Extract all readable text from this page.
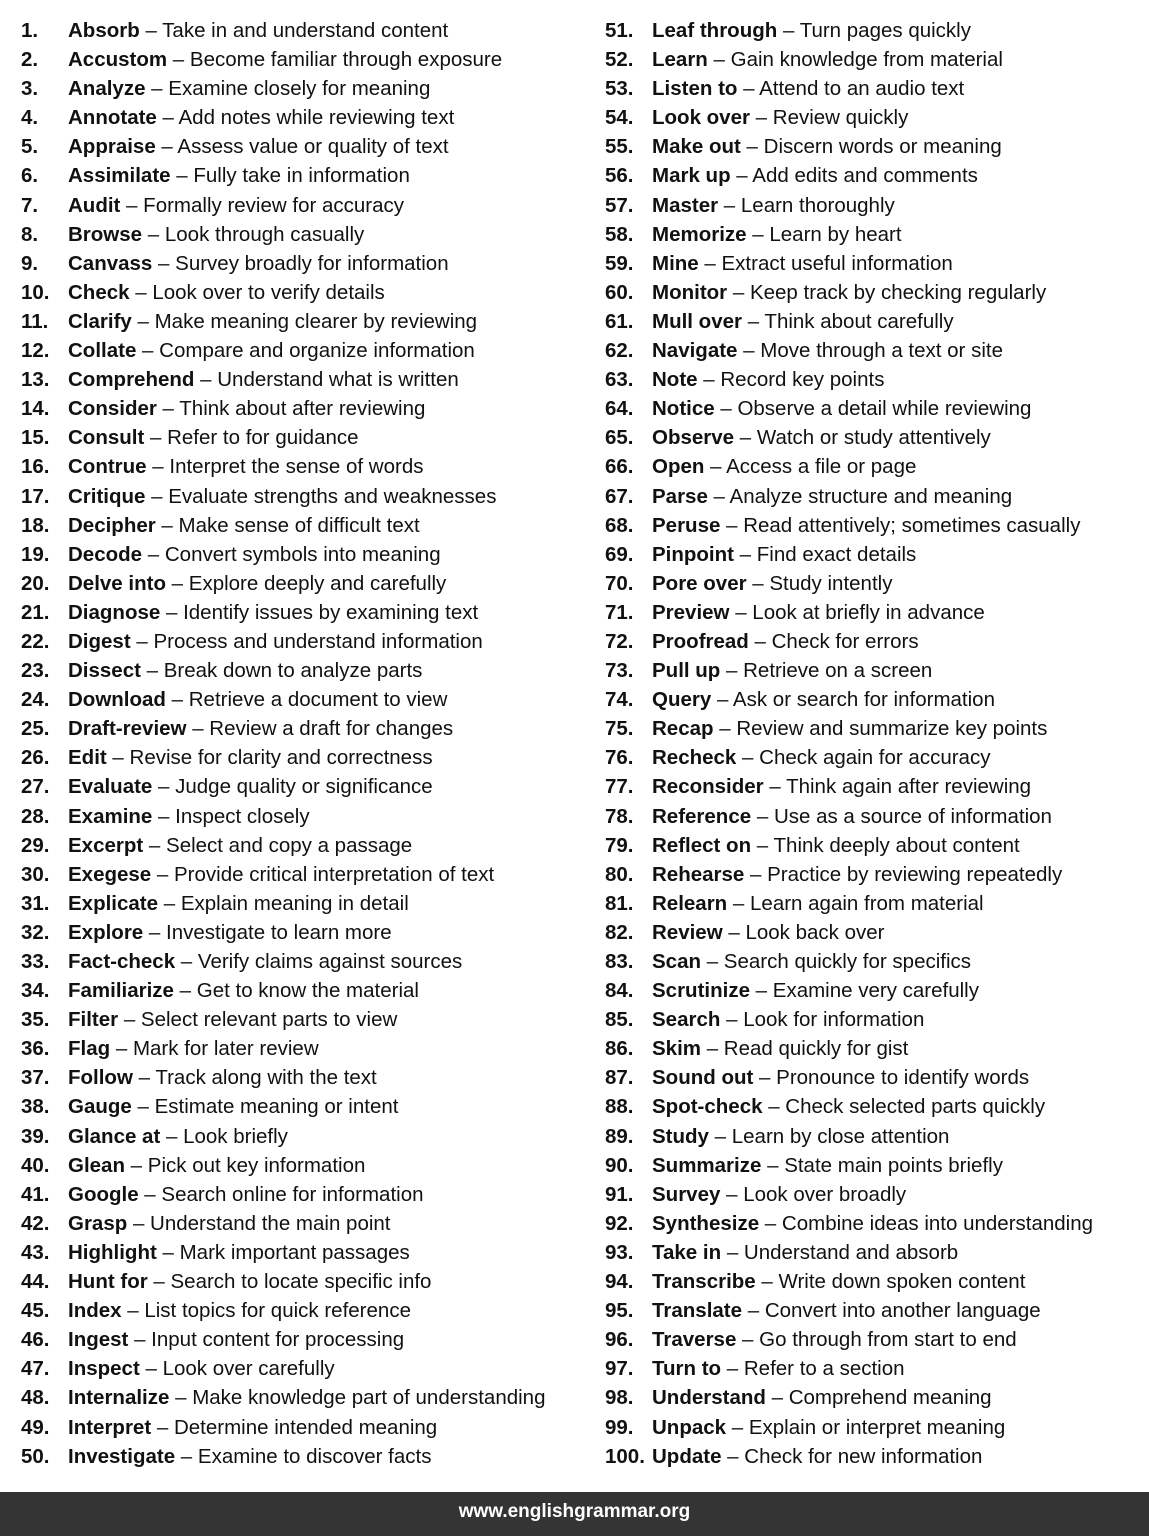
1. Absorb – Take in and understand content
2. Accustom – Become familiar through exposure
3. Analyze – Examine closely for meaning
4. Annotate – Add notes while reviewing text
5. Appraise – Assess value or quality of text
6. Assimilate – Fully take in information
7. Audit – Formally review for accuracy
8. Browse – Look through casually
9. Canvass – Survey broadly for information
10. Check – Look over to verify details
11. Clarify – Make meaning clearer by reviewing
12. Collate – Compare and organize information
13. Comprehend – Understand what is written
14. Consider – Think about after reviewing
15. Consult – Refer to for guidance
16. Contrue – Interpret the sense of words
17. Critique – Evaluate strengths and weaknesses
18. Decipher – Make sense of difficult text
19. Decode – Convert symbols into meaning
20. Delve into – Explore deeply and carefully
21. Diagnose – Identify issues by examining text
22. Digest – Process and understand information
23. Dissect – Break down to analyze parts
24. Download – Retrieve a document to view
25. Draft-review – Review a draft for changes
26. Edit – Revise for clarity and correctness
27. Evaluate – Judge quality or significance
28. Examine – Inspect closely
29. Excerpt – Select and copy a passage
30. Exegese – Provide critical interpretation of text
31. Explicate – Explain meaning in detail
32. Explore – Investigate to learn more
33. Fact-check – Verify claims against sources
34. Familiarize – Get to know the material
35. Filter – Select relevant parts to view
36. Flag – Mark for later review
37. Follow – Track along with the text
38. Gauge – Estimate meaning or intent
39. Glance at – Look briefly
40. Glean – Pick out key information
41. Google – Search online for information
42. Grasp – Understand the main point
43. Highlight – Mark important passages
44. Hunt for – Search to locate specific info
45. Index – List topics for quick reference
46. Ingest – Input content for processing
47. Inspect – Look over carefully
48. Internalize – Make knowledge part of understanding
49. Interpret – Determine intended meaning
50. Investigate – Examine to discover facts
51. Leaf through – Turn pages quickly
52. Learn – Gain knowledge from material
53. Listen to – Attend to an audio text
54. Look over – Review quickly
55. Make out – Discern words or meaning
56. Mark up – Add edits and comments
57. Master – Learn thoroughly
58. Memorize – Learn by heart
59. Mine – Extract useful information
60. Monitor – Keep track by checking regularly
61. Mull over – Think about carefully
62. Navigate – Move through a text or site
63. Note – Record key points
64. Notice – Observe a detail while reviewing
65. Observe – Watch or study attentively
66. Open – Access a file or page
67. Parse – Analyze structure and meaning
68. Peruse – Read attentively; sometimes casually
69. Pinpoint – Find exact details
70. Pore over – Study intently
71. Preview – Look at briefly in advance
72. Proofread – Check for errors
73. Pull up – Retrieve on a screen
74. Query – Ask or search for information
75. Recap – Review and summarize key points
76. Recheck – Check again for accuracy
77. Reconsider – Think again after reviewing
78. Reference – Use as a source of information
79. Reflect on – Think deeply about content
80. Rehearse – Practice by reviewing repeatedly
81. Relearn – Learn again from material
82. Review – Look back over
83. Scan – Search quickly for specifics
84. Scrutinize – Examine very carefully
85. Search – Look for information
86. Skim – Read quickly for gist
87. Sound out – Pronounce to identify words
88. Spot-check – Check selected parts quickly
89. Study – Learn by close attention
90. Summarize – State main points briefly
91. Survey – Look over broadly
92. Synthesize – Combine ideas into understanding
93. Take in – Understand and absorb
94. Transcribe – Write down spoken content
95. Translate – Convert into another language
96. Traverse – Go through from start to end
97. Turn to – Refer to a section
98. Understand – Comprehend meaning
99. Unpack – Explain or interpret meaning
100. Update – Check for new information
www.englishgrammar.org
